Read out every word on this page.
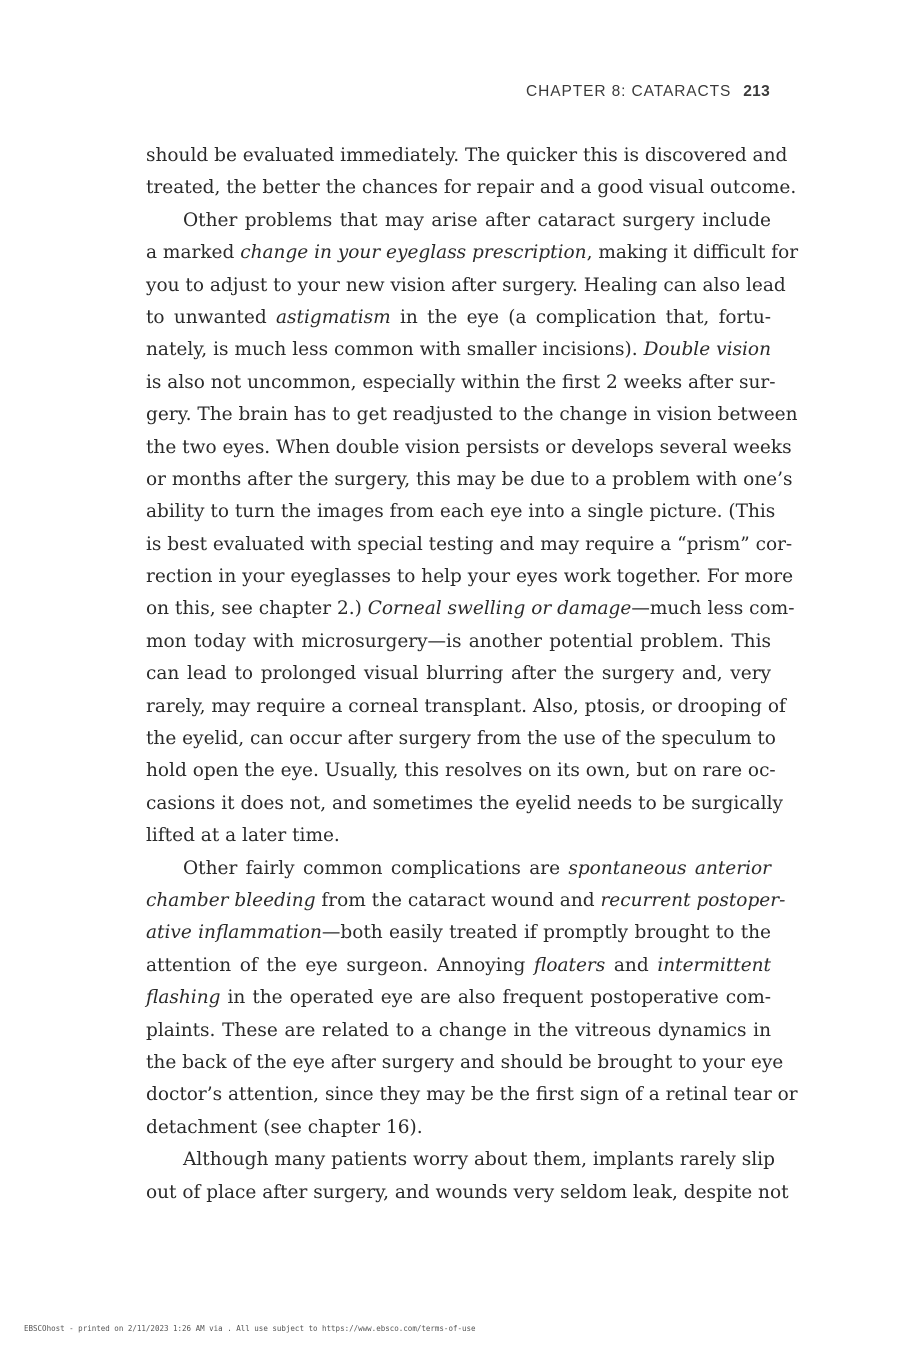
CHAPTER 8: CATARACTS 213
should be evaluated immediately. The quicker this is discovered and
treated, the better the chances for repair and a good visual outcome.
Other problems that may arise after cataract surgery include
a marked change in your eyeglass prescription, making it difficult for
you to adjust to your new vision after surgery. Healing can also lead
to unwanted astigmatism in the eye (a complication that, fortu-
nately, is much less common with smaller incisions). Double vision
is also not uncommon, especially within the first 2 weeks after sur-
gery. The brain has to get readjusted to the change in vision between
the two eyes. When double vision persists or develops several weeks
or months after the surgery, this may be due to a problem with one’s
ability to turn the images from each eye into a single picture. (This
is best evaluated with special testing and may require a “prism” cor-
rection in your eyeglasses to help your eyes work together. For more
on this, see chapter 2.) Corneal swelling or damage—much less com-
mon today with microsurgery—is another potential problem. This
can lead to prolonged visual blurring after the surgery and, very
rarely, may require a corneal transplant. Also, ptosis, or drooping of
the eyelid, can occur after surgery from the use of the speculum to
hold open the eye. Usually, this resolves on its own, but on rare oc-
casions it does not, and sometimes the eyelid needs to be surgically
lifted at a later time.
Other fairly common complications are spontaneous anterior
chamber bleeding from the cataract wound and recurrent postoper-
ative inflammation—both easily treated if promptly brought to the
attention of the eye surgeon. Annoying floaters and intermittent
flashing in the operated eye are also frequent postoperative com-
plaints. These are related to a change in the vitreous dynamics in
the back of the eye after surgery and should be brought to your eye
doctor’s attention, since they may be the first sign of a retinal tear or
detachment (see chapter 16).
Although many patients worry about them, implants rarely slip
out of place after surgery, and wounds very seldom leak, despite not
EBSCOhost - printed on 2/11/2023 1:26 AM via . All use subject to https://www.ebsco.com/terms-of-use
